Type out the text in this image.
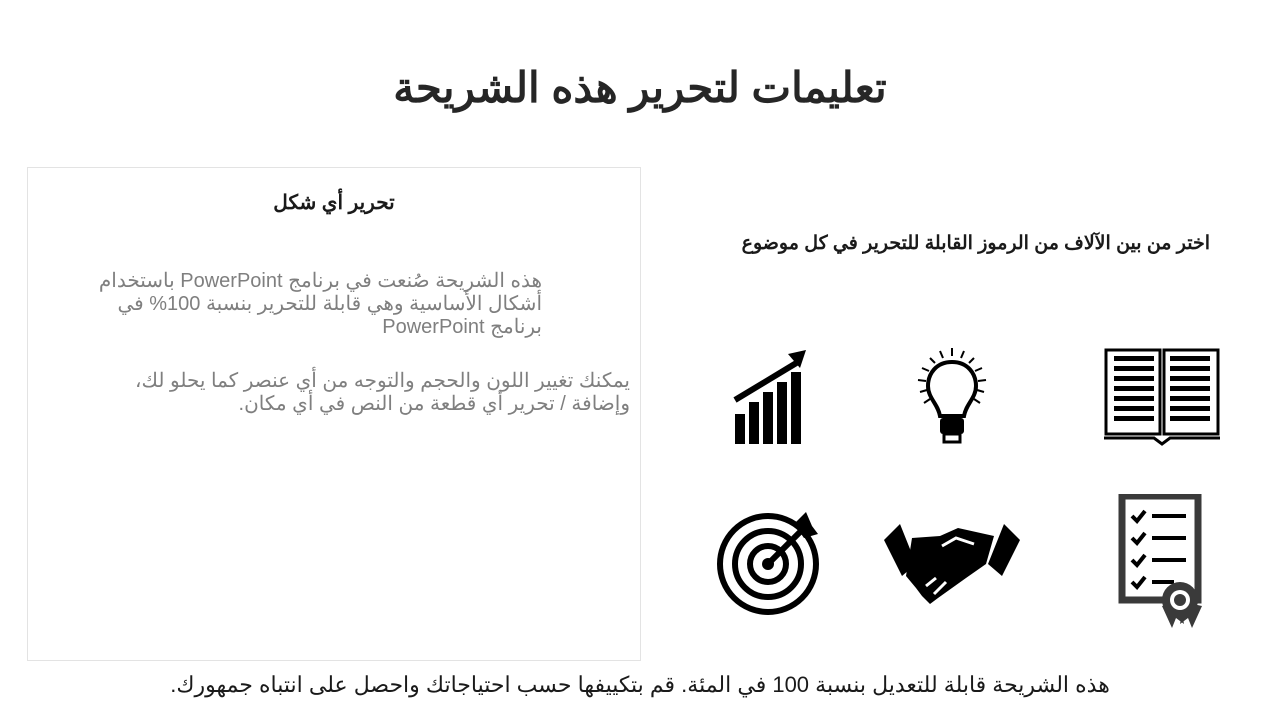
تعليمات لتحرير هذه الشريحة
تحرير أي شكل

هذه الشريحة صُنعت في برنامج PowerPoint باستخدام أشكال الأساسية وهي قابلة للتحرير بنسبة 100% في برنامج PowerPoint

يمكنك تغيير اللون والحجم والتوجه من أي عنصر كما يحلو لك، وإضافة / تحرير أي قطعة من النص في أي مكان.

اختر من بين الآلاف من الرموز القابلة للتحرير في كل موضوع

هذه الشريحة قابلة للتعديل بنسبة 100 في المئة. قم بتكييفها حسب احتياجاتك واحصل على انتباه جمهورك.
